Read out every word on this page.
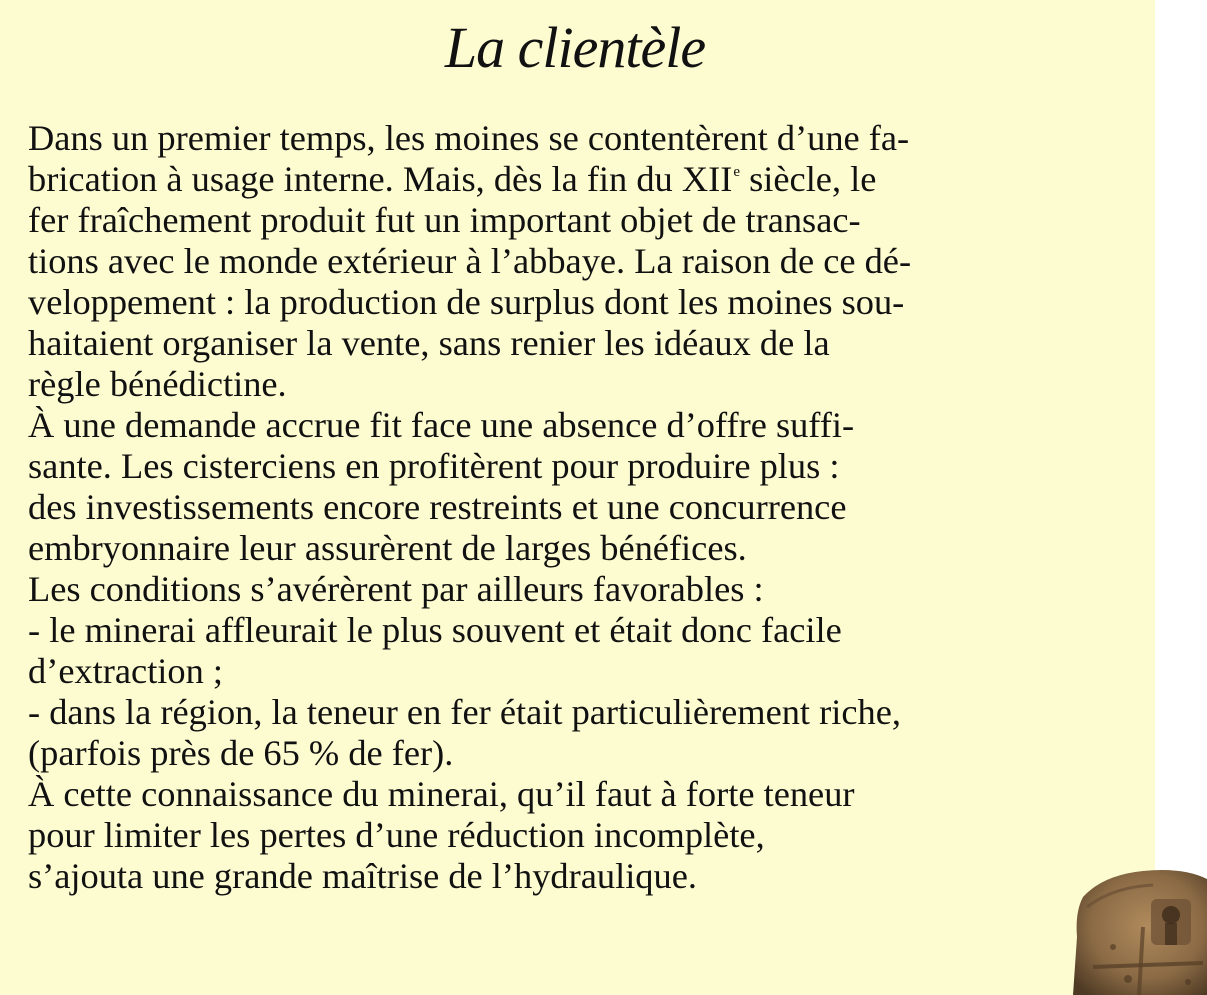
La clientèle
Dans un premier temps, les moines se contentèrent d’une fa-
brication à usage interne. Mais, dès la fin du XIIe siècle, le
fer fraîchement produit fut un important objet de transac-
tions avec le monde extérieur à l’abbaye. La raison de ce dé-
veloppement : la production de surplus dont les moines sou-
haitaient organiser la vente, sans renier les idéaux de la
règle bénédictine.
À une demande accrue fit face une absence d’offre suffi-
sante. Les cisterciens en profitèrent pour produire plus :
des investissements encore restreints et une concurrence
embryonnaire leur assurèrent de larges bénéfices.
Les conditions s’avérèrent par ailleurs favorables :
- le minerai affleurait le plus souvent et était donc facile
d’extraction ;
- dans la région, la teneur en fer était particulièrement riche,
(parfois près de 65 % de fer).
À cette connaissance du minerai, qu’il faut à forte teneur
pour limiter les pertes d’une réduction incomplète,
s’ajouta une grande maîtrise de l’hydraulique.
